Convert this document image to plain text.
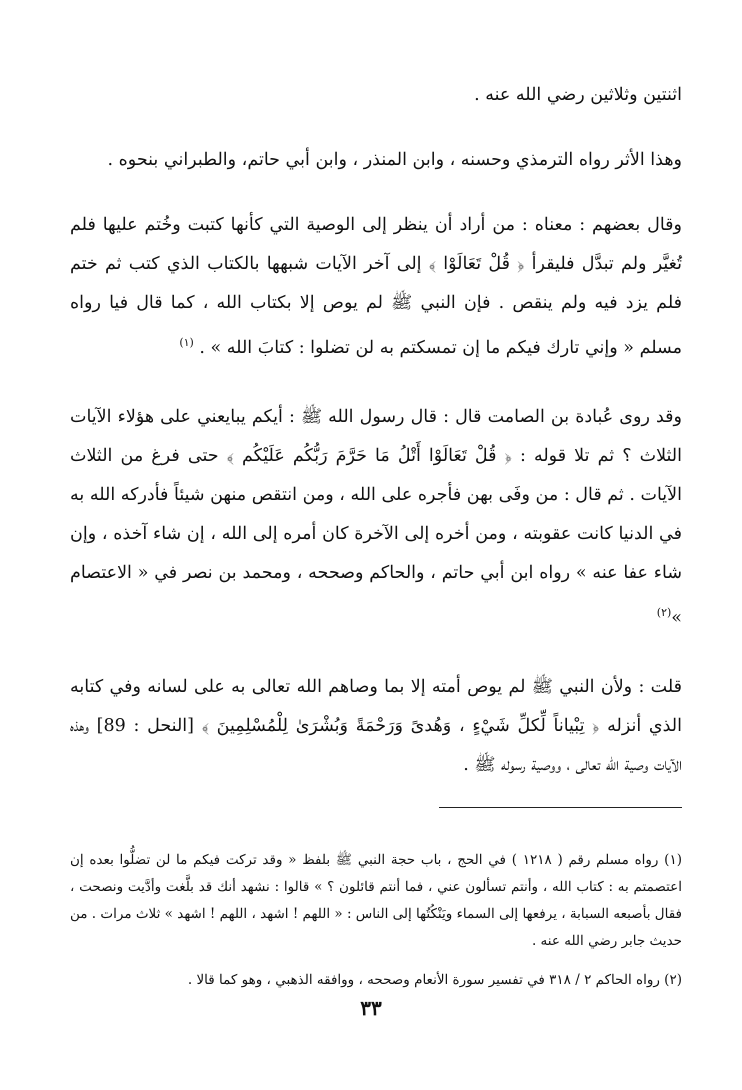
اثنتين وثلاثين رضي الله عنه .

وهذا الأثر رواه الترمذي وحسنه ، وابن المنذر ، وابن أبي حاتم، والطبراني بنحوه .

وقال بعضهم : معناه : من أراد أن ينظر إلى الوصية التي كأنها كتبت وخُتم عليها فلم تُغيَّر ولم تبدَّل فليقرأ ﴿ قُلْ تَعَالَوْا ﴾ إلى آخر الآيات شبهها بالكتاب الذي كتب ثم ختم فلم يزد فيه ولم ينقص . فإن النبي ﷺ لم يوص إلا بكتاب الله ، كما قال فيا رواه مسلم « وإني تارك فيكم ما إن تمسكتم به لن تضلوا : كتابَ الله » . $^{(١)}$

وقد روى عُبادة بن الصامت قال : قال رسول الله ﷺ : أيكم يبايعني على هؤلاء الآيات الثلاث ؟ ثم تلا قوله : ﴿ قُلْ تَعَالَوْا أَتْلُ مَا حَرَّمَ رَبُّكُم عَلَيْكُم ﴾ حتى فرغ من الثلاث الآيات . ثم قال : من وفَى بهن فأجره على الله ، ومن انتقص منهن شيئاً فأدركه الله به في الدنيا كانت عقوبته ، ومن أخره إلى الآخرة كان أمره إلى الله ، إن شاء آخذه ، وإن شاء عفا عنه » رواه ابن أبي حاتم ، والحاكم وصححه ، ومحمد بن نصر في « الاعتصام »$^{(٢)}$

قلت : ولأن النبي ﷺ لم يوص أمته إلا بما وصاهم الله تعالى به على لسانه وفي كتابه الذي أنزله ﴿ تِبْياناً لِّكلِّ شَيْءٍ ، وَهُدىً وَرَحْمَةً وَبُشْرَىٰ لِلْمُسْلِمِينَ ﴾ [النحل : 89] وهذه الآيات وصية الله تعالى ، ووصية رسوله ﷺ .

(١) رواه مسلم رقم ( ١٢١٨ ) في الحج ، باب حجة النبي ﷺ بلفظ « وقد تركت فيكم ما لن تضلُّوا بعده إن اعتصمتم به : كتاب الله ، وأنتم تسألون عني ، فما أنتم قائلون ؟ » قالوا : نشهد أنك قد بلَّغت وأدَّيت ونصحت ، فقال بأصبعه السبابة ، يرفعها إلى السماء ويَنْكُتُها إلى الناس : « اللهم ! اشهد ، اللهم ! اشهد » ثلاث مرات . من حديث جابر رضي الله عنه .

(٢) رواه الحاكم ٢ / ٣١٨ في تفسير سورة الأنعام وصححه ، ووافقه الذهبي ، وهو كما قالا .

٣٣
